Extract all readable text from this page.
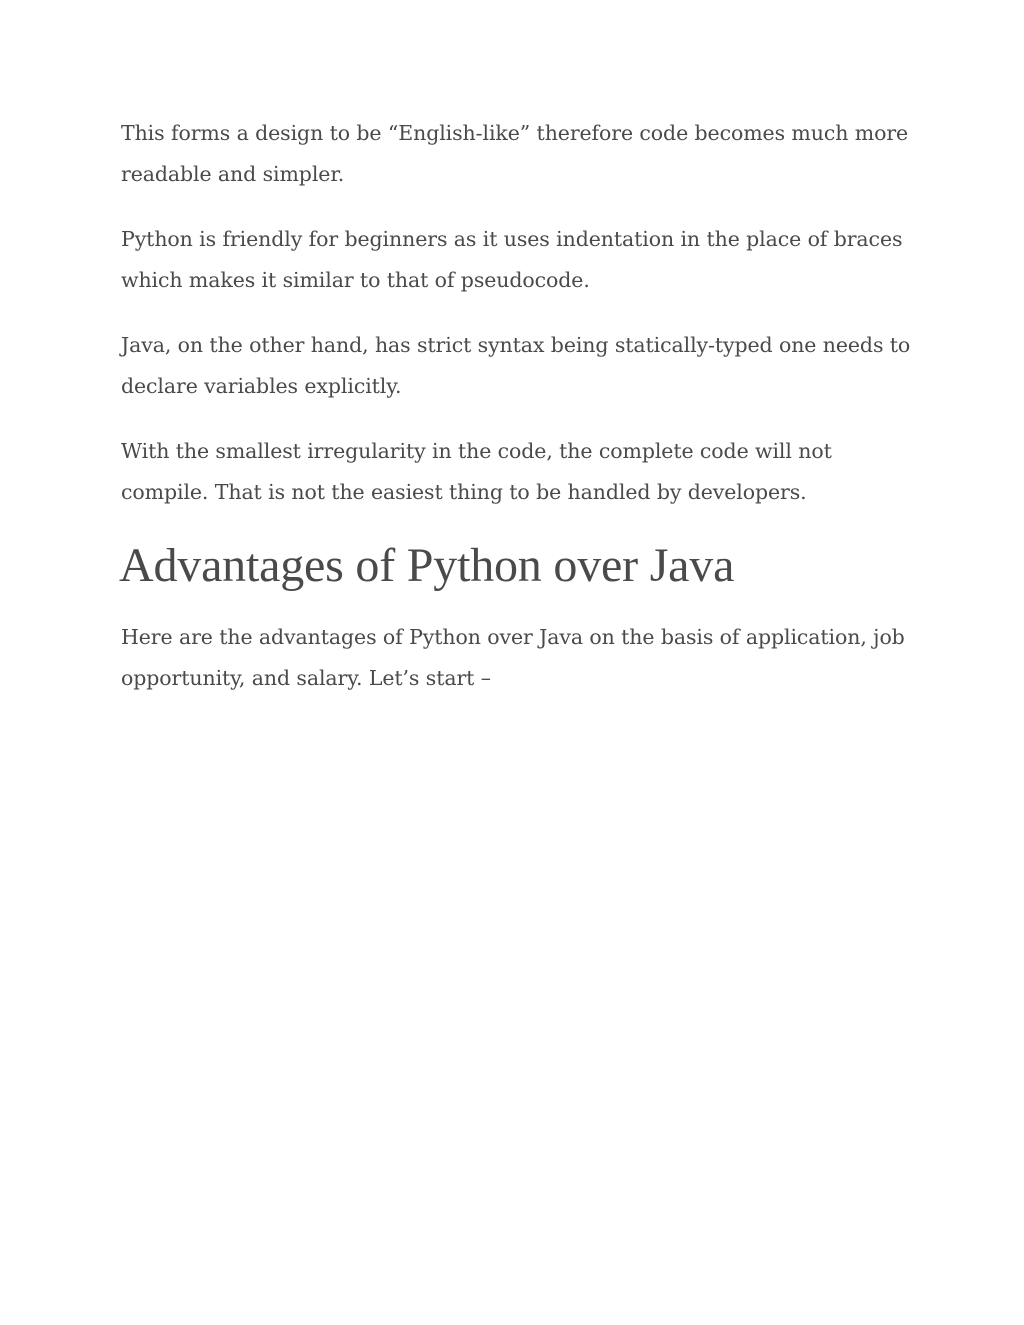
This forms a design to be “English-like” therefore code becomes much more readable and simpler.

Python is friendly for beginners as it uses indentation in the place of braces which makes it similar to that of pseudocode.

Java, on the other hand, has strict syntax being statically-typed one needs to declare variables explicitly.

With the smallest irregularity in the code, the complete code will not compile. That is not the easiest thing to be handled by developers.

Advantages of Python over Java

Here are the advantages of Python over Java on the basis of application, job opportunity, and salary. Let’s start –
